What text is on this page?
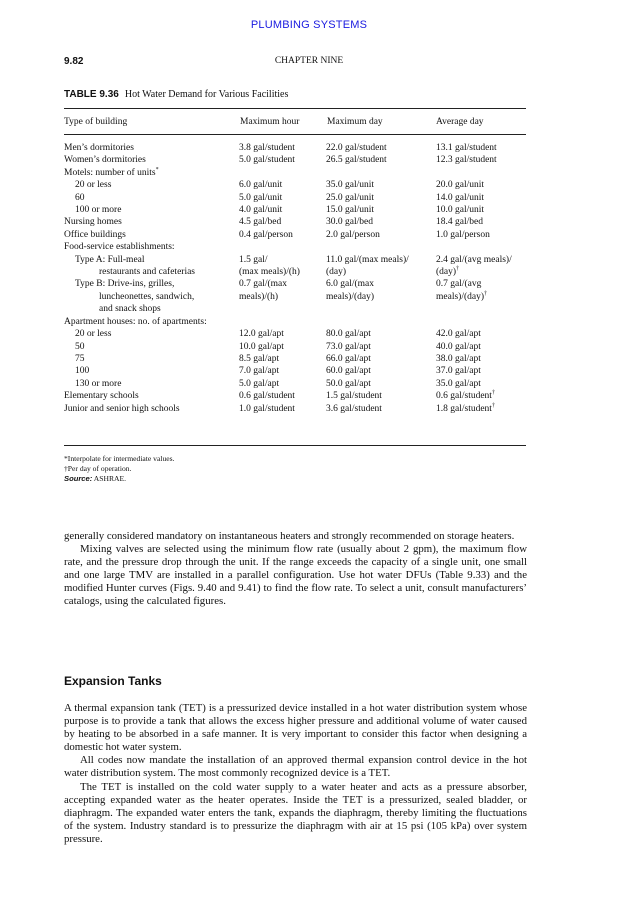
PLUMBING SYSTEMS
9.82	CHAPTER NINE
TABLE 9.36 Hot Water Demand for Various Facilities
Type of building	Maximum hour	Maximum day	Average day
Men’s dormitories	3.8 gal/student	22.0 gal/student	13.1 gal/student
Women’s dormitories	5.0 gal/student	26.5 gal/student	12.3 gal/student
Motels: number of units*			
20 or less	6.0 gal/unit	35.0 gal/unit	20.0 gal/unit
60	5.0 gal/unit	25.0 gal/unit	14.0 gal/unit
100 or more	4.0 gal/unit	15.0 gal/unit	10.0 gal/unit
Nursing homes	4.5 gal/bed	30.0 gal/bed	18.4 gal/bed
Office buildings	0.4 gal/person	2.0 gal/person	1.0 gal/person
Food-service establishments:			
Type A: Full-meal	1.5 gal/	11.0 gal/(max meals)/	2.4 gal/(avg meals)/
restaurants and cafeterias	(max meals)/(h)	(day)	(day)†
Type B: Drive-ins, grilles,	0.7 gal/(max	6.0 gal/(max	0.7 gal/(avg
luncheonettes, sandwich,	meals)/(h)	meals)/(day)	meals)/(day)†
and snack shops			
Apartment houses: no. of apartments:			
20 or less	12.0 gal/apt	80.0 gal/apt	42.0 gal/apt
50	10.0 gal/apt	73.0 gal/apt	40.0 gal/apt
75	8.5 gal/apt	66.0 gal/apt	38.0 gal/apt
100	7.0 gal/apt	60.0 gal/apt	37.0 gal/apt
130 or more	5.0 gal/apt	50.0 gal/apt	35.0 gal/apt
Elementary schools	0.6 gal/student	1.5 gal/student	0.6 gal/student†
Junior and senior high schools	1.0 gal/student	3.6 gal/student	1.8 gal/student†
*Interpolate for intermediate values.
†Per day of operation.
Source: ASHRAE.

generally considered mandatory on instantaneous heaters and strongly recommended on storage heaters.

Mixing valves are selected using the minimum flow rate (usually about 2 gpm), the maximum flow rate, and the pressure drop through the unit. If the range exceeds the capacity of a single unit, one small and one large TMV are installed in a parallel configuration. Use hot water DFUs (Table 9.33) and the modified Hunter curves (Figs. 9.40 and 9.41) to find the flow rate. To select a unit, consult manufacturers’ catalogs, using the calculated figures.

Expansion Tanks

A thermal expansion tank (TET) is a pressurized device installed in a hot water distribution system whose purpose is to provide a tank that allows the excess higher pressure and additional volume of water caused by heating to be absorbed in a safe manner. It is very important to consider this factor when designing a domestic hot water system.

All codes now mandate the installation of an approved thermal expansion control device in the hot water distribution system. The most commonly recognized device is a TET.

The TET is installed on the cold water supply to a water heater and acts as a pressure absorber, accepting expanded water as the heater operates. Inside the TET is a pressurized, sealed bladder, or diaphragm. The expanded water enters the tank, expands the diaphragm, thereby limiting the fluctuations of the system. Industry standard is to pressurize the diaphragm with air at 15 psi (105 kPa) over system pressure.
